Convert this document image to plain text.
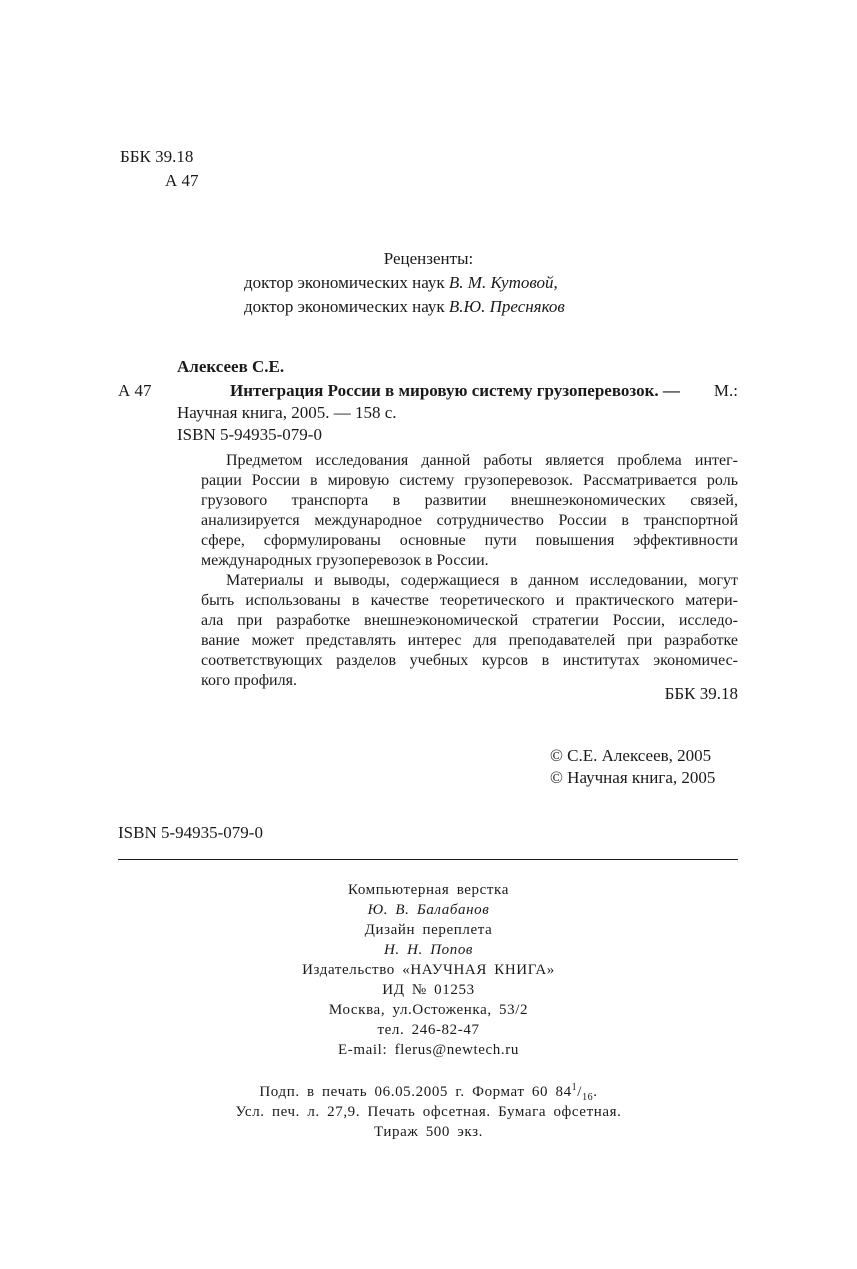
ББК 39.18
А 47
Рецензенты:
доктор экономических наук В. М. Кутовой,
доктор экономических наук В.Ю. Пресняков
Алексеев С.Е.
А 47	Интеграция России в мировую систему грузоперевозок. — М.:
Научная книга, 2005. — 158 с.
ISBN 5-94935-079-0

Предметом исследования данной работы является проблема интег-
рации России в мировую систему грузоперевозок. Рассматривается роль
грузового транспорта в развитии внешнеэкономических связей,
анализируется международное сотрудничество России в транспортной
сфере, сформулированы основные пути повышения эффективности
международных грузоперевозок в России.

Материалы и выводы, содержащиеся в данном исследовании, могут
быть использованы в качестве теоретического и практического матери-
ала при разработке внешнеэкономической стратегии России, исследо-
вание может представлять интерес для преподавателей при разработке
соответствующих разделов учебных курсов в институтах экономичес-
кого профиля.

ББК 39.18
© С.Е. Алексеев, 2005
© Научная книга, 2005
ISBN 5-94935-079-0
Компьютерная верстка
Ю. В. Балабанов
Дизайн переплета
Н. Н. Попов
Издательство «НАУЧНАЯ КНИГА»
ИД № 01253
Москва, ул.Остоженка, 53/2
тел. 246-82-47
E-mail: flerus@newtech.ru
Подп. в печать 06.05.2005 г. Формат 60 $84^1/_{16}$.
Усл. печ. л. 27,9. Печать офсетная. Бумага офсетная.
Тираж 500 экз.
